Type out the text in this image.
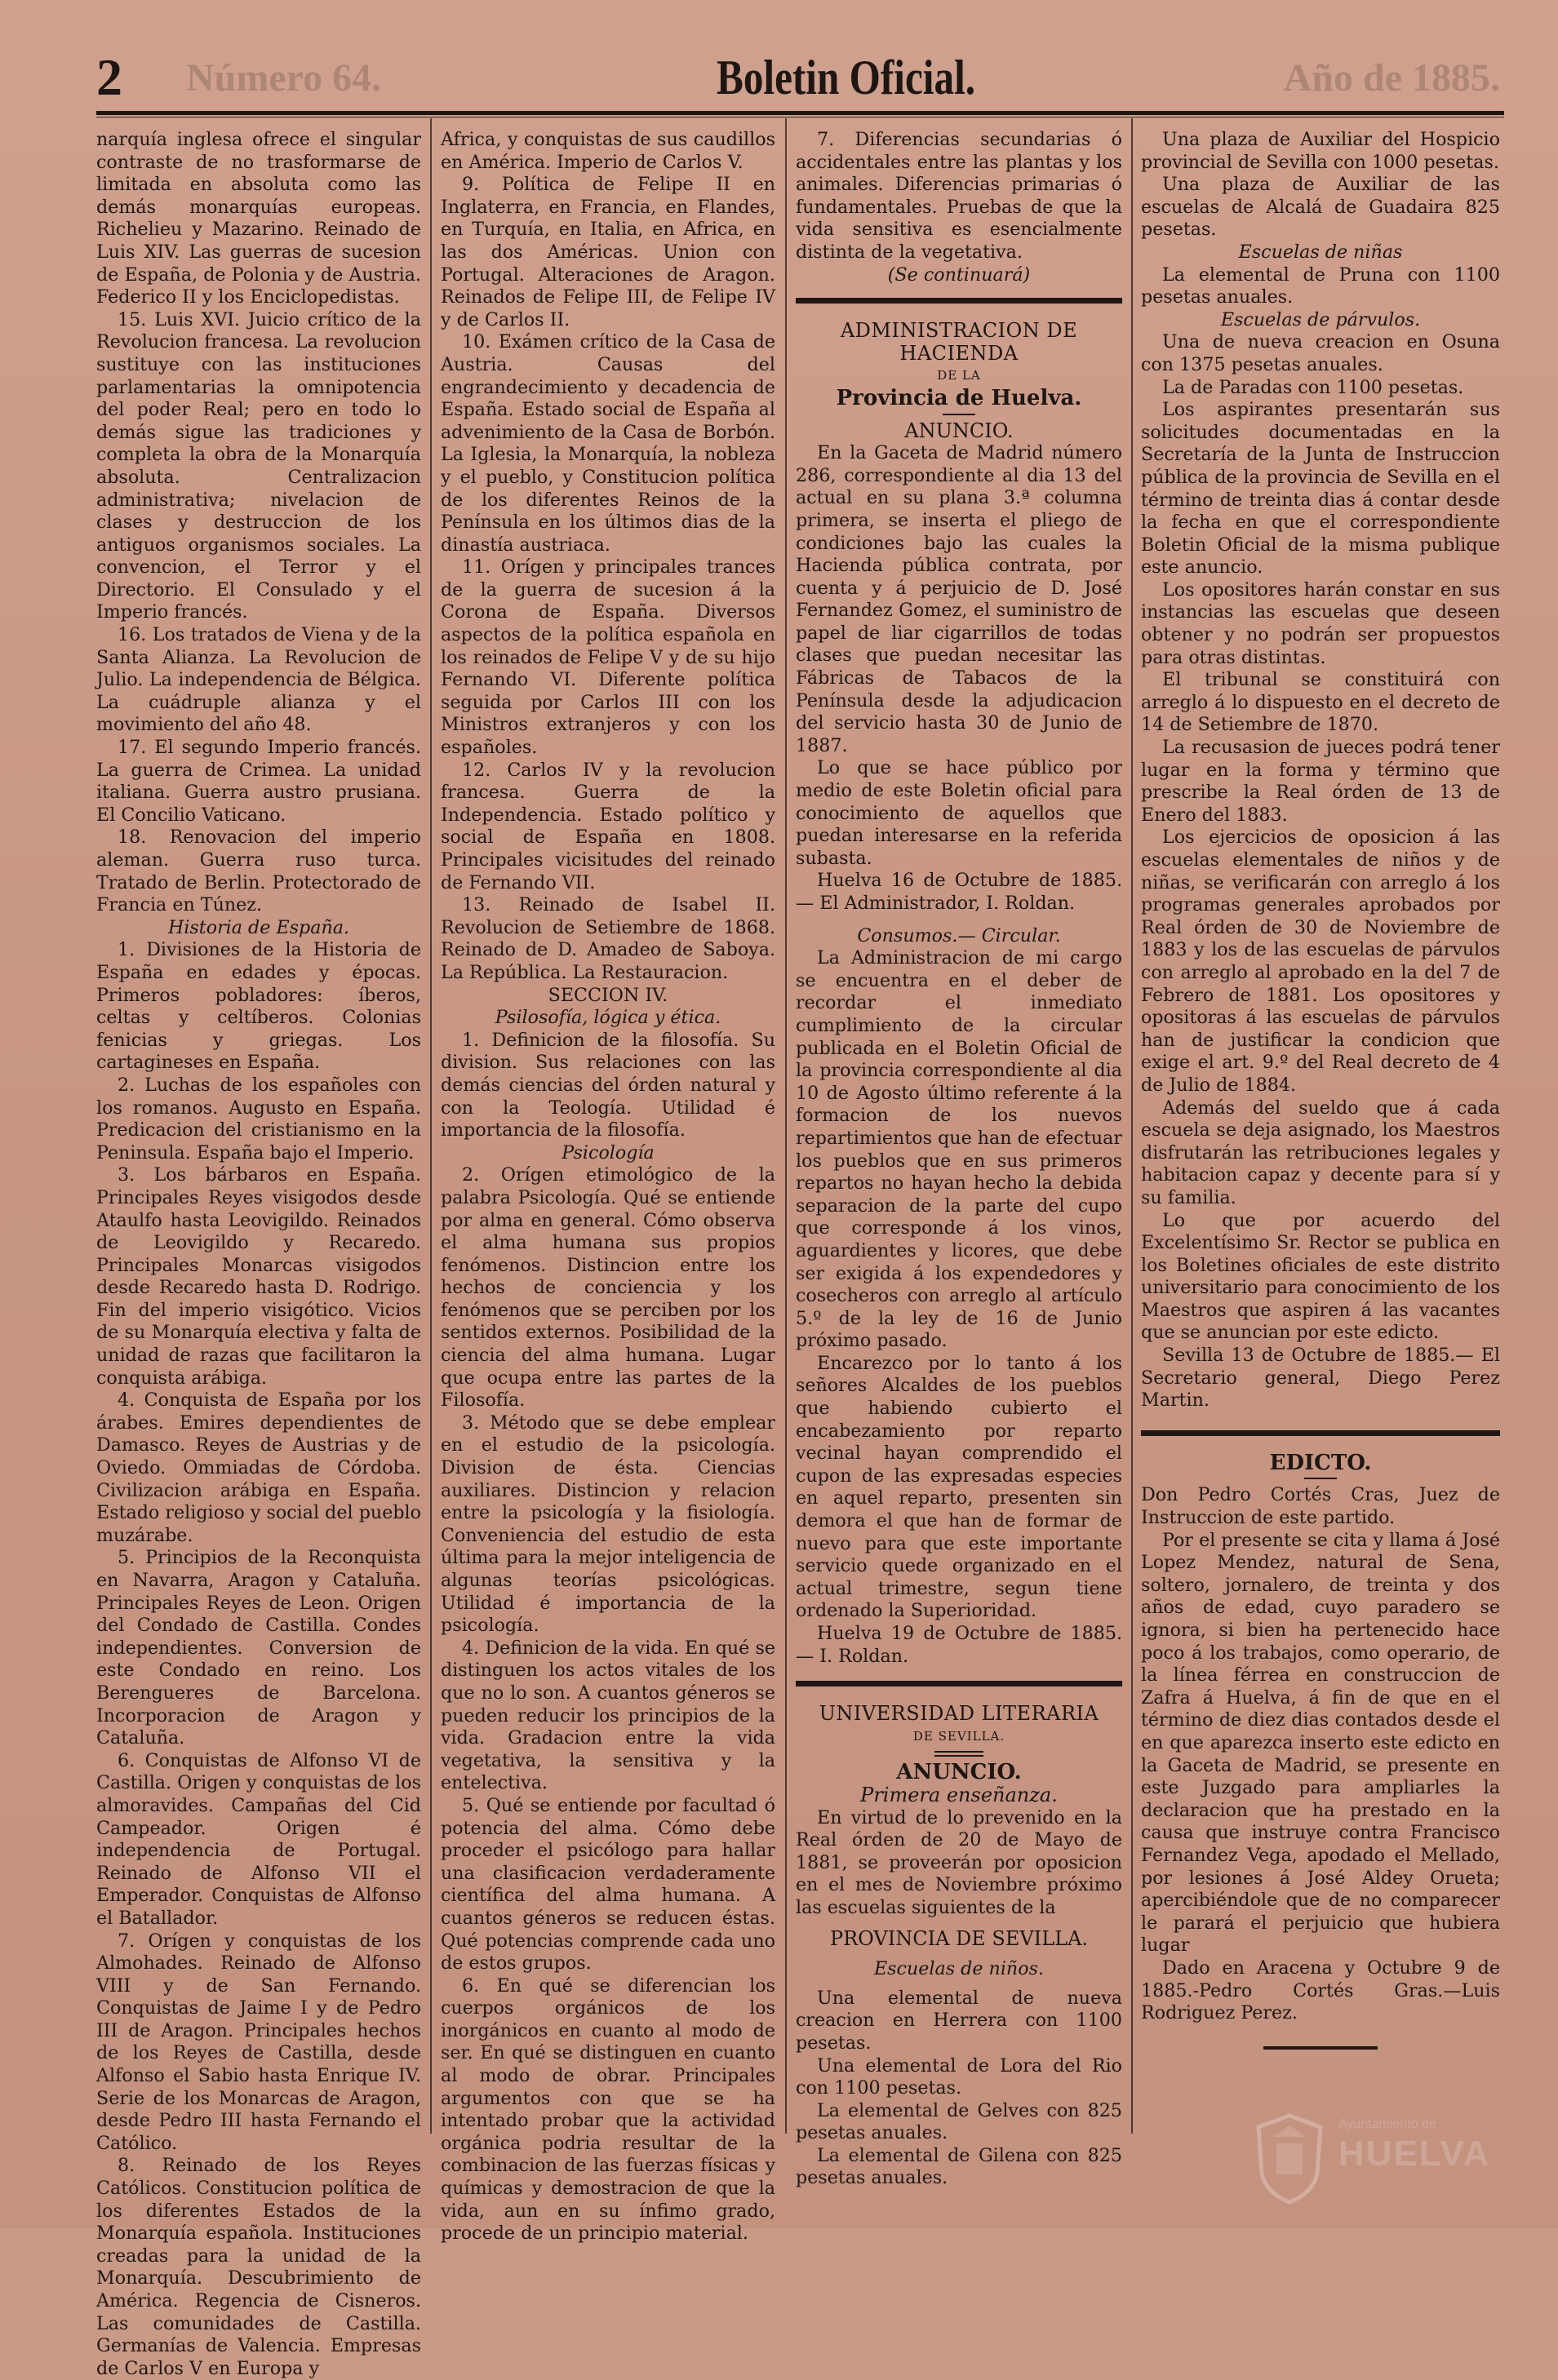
2 Número 64.	Boletin Oficial.	Año de 1885.

narquía inglesa ofrece el singular contraste de no trasformarse de limitada en absoluta como las demás monarquías europeas. Richelieu y Mazarino. Reinado de Luis XIV. Las guerras de sucesion de España, de Polonia y de Austria. Federico II y los Enciclopedistas.

15. Luis XVI. Juicio crítico de la Revolucion francesa. La revolucion sustituye con las instituciones parlamentarias la omnipotencia del poder Real; pero en todo lo demás sigue las tradiciones y completa la obra de la Monarquía absoluta. Centralizacion administrativa; nivelacion de clases y destruccion de los antiguos organismos sociales. La convencion, el Terror y el Directorio. El Consulado y el Imperio francés.

16. Los tratados de Viena y de la Santa Alianza. La Revolucion de Julio. La independencia de Bélgica. La cuádruple alianza y el movimiento del año 48.

17. El segundo Imperio francés. La guerra de Crimea. La unidad italiana. Guerra austro prusiana. El Concilio Vaticano.

18. Renovacion del imperio aleman. Guerra ruso turca. Tratado de Berlin. Protectorado de Francia en Túnez.

Historia de España.

1. Divisiones de la Historia de España en edades y épocas. Primeros pobladores: íberos, celtas y celtíberos. Colonias fenicias y griegas. Los cartagineses en España.

2. Luchas de los españoles con los romanos. Augusto en España. Predicacion del cristianismo en la Peninsula. España bajo el Imperio.

3. Los bárbaros en España. Principales Reyes visigodos desde Ataulfo hasta Leovigildo. Reinados de Leovigildo y Recaredo. Principales Monarcas visigodos desde Recaredo hasta D. Rodrigo. Fin del imperio visigótico. Vicios de su Monarquía electiva y falta de unidad de razas que facilitaron la conquista arábiga.

4. Conquista de España por los árabes. Emires dependientes de Damasco. Reyes de Austrias y de Oviedo. Ommiadas de Córdoba. Civilizacion arábiga en España. Estado religioso y social del pueblo muzárabe.

5. Principios de la Reconquista en Navarra, Aragon y Cataluña. Principales Reyes de Leon. Origen del Condado de Castilla. Condes independientes. Conversion de este Condado en reino. Los Berengueres de Barcelona. Incorporacion de Aragon y Cataluña.

6. Conquistas de Alfonso VI de Castilla. Origen y conquistas de los almoravides. Campañas del Cid Campeador. Origen é independencia de Portugal. Reinado de Alfonso VII el Emperador. Conquistas de Alfonso el Batallador.

7. Orígen y conquistas de los Almohades. Reinado de Alfonso VIII y de San Fernando. Conquistas de Jaime I y de Pedro III de Aragon. Principales hechos de los Reyes de Castilla, desde Alfonso el Sabio hasta Enrique IV. Serie de los Monarcas de Aragon, desde Pedro III hasta Fernando el Católico.

8. Reinado de los Reyes Católicos. Constitucion política de los diferentes Estados de la Monarquía española. Instituciones creadas para la unidad de la Monarquía. Descubrimiento de América. Regencia de Cisneros. Las comunidades de Castilla. Germanías de Valencia. Empresas de Carlos V en Europa y

Africa, y conquistas de sus caudillos en América. Imperio de Carlos V.

9. Política de Felipe II en Inglaterra, en Francia, en Flandes, en Turquía, en Italia, en Africa, en las dos Américas. Union con Portugal. Alteraciones de Aragon. Reinados de Felipe III, de Felipe IV y de Carlos II.

10. Exámen crítico de la Casa de Austria. Causas del engrandecimiento y decadencia de España. Estado social de España al advenimiento de la Casa de Borbón. La Iglesia, la Monarquía, la nobleza y el pueblo, y Constitucion política de los diferentes Reinos de la Península en los últimos dias de la dinastía austriaca.

11. Orígen y principales trances de la guerra de sucesion á la Corona de España. Diversos aspectos de la política española en los reinados de Felipe V y de su hijo Fernando VI. Diferente política seguida por Carlos III con los Ministros extranjeros y con los españoles.

12. Carlos IV y la revolucion francesa. Guerra de la Independencia. Estado político y social de España en 1808. Principales vicisitudes del reinado de Fernando VII.

13. Reinado de Isabel II. Revolucion de Setiembre de 1868. Reinado de D. Amadeo de Saboya. La República. La Restauracion.

SECCION IV.

Psilosofía, lógica y ética.

1. Definicion de la filosofía. Su division. Sus relaciones con las demás ciencias del órden natural y con la Teología. Utilidad é importancia de la filosofía.

Psicología

2. Orígen etimológico de la palabra Psicología. Qué se entiende por alma en general. Cómo observa el alma humana sus propios fenómenos. Distincion entre los hechos de conciencia y los fenómenos que se perciben por los sentidos externos. Posibilidad de la ciencia del alma humana. Lugar que ocupa entre las partes de la Filosofía.

3. Método que se debe emplear en el estudio de la psicología. Division de ésta. Ciencias auxiliares. Distincion y relacion entre la psicología y la fisiología. Conveniencia del estudio de esta última para la mejor inteligencia de algunas teorías psicológicas. Utilidad é importancia de la psicología.

4. Definicion de la vida. En qué se distinguen los actos vitales de los que no lo son. A cuantos géneros se pueden reducir los principios de la vida. Gradacion entre la vida vegetativa, la sensitiva y la entelectiva.

5. Qué se entiende por facultad ó potencia del alma. Cómo debe proceder el psicólogo para hallar una clasificacion verdaderamente científica del alma humana. A cuantos géneros se reducen éstas. Qué potencias comprende cada uno de estos grupos.

6. En qué se diferencian los cuerpos orgánicos de los inorgánicos en cuanto al modo de ser. En qué se distinguen en cuanto al modo de obrar. Principales argumentos con que se ha intentado probar que la actividad orgánica podria resultar de la combinacion de las fuerzas físicas y químicas y demostracion de que la vida, aun en su ínfimo grado, procede de un principio material.

7. Diferencias secundarias ó accidentales entre las plantas y los animales. Diferencias primarias ó fundamentales. Pruebas de que la vida sensitiva es esencialmente distinta de la vegetativa.

(Se continuará)

ADMINISTRACION DE HACIENDA

DE LA

Provincia de Huelva.

ANUNCIO.

En la Gaceta de Madrid número 286, correspondiente al dia 13 del actual en su plana 3.ª columna primera, se inserta el pliego de condiciones bajo las cuales la Hacienda pública contrata, por cuenta y á perjuicio de D. José Fernandez Gomez, el suministro de papel de liar cigarrillos de todas clases que puedan necesitar las Fábricas de Tabacos de la Península desde la adjudicacion del servicio hasta 30 de Junio de 1887.

Lo que se hace público por medio de este Boletin oficial para conocimiento de aquellos que puedan interesarse en la referida subasta.

Huelva 16 de Octubre de 1885.— El Administrador, I. Roldan.

Consumos.— Circular.

La Administracion de mi cargo se encuentra en el deber de recordar el inmediato cumplimiento de la circular publicada en el Boletin Oficial de la provincia correspondiente al dia 10 de Agosto último referente á la formacion de los nuevos repartimientos que han de efectuar los pueblos que en sus primeros repartos no hayan hecho la debida separacion de la parte del cupo que corresponde á los vinos, aguardientes y licores, que debe ser exigida á los expendedores y cosecheros con arreglo al artículo 5.º de la ley de 16 de Junio próximo pasado.

Encarezco por lo tanto á los señores Alcaldes de los pueblos que habiendo cubierto el encabezamiento por reparto vecinal hayan comprendido el cupon de las expresadas especies en aquel reparto, presenten sin demora el que han de formar de nuevo para que este importante servicio quede organizado en el actual trimestre, segun tiene ordenado la Superioridad.

Huelva 19 de Octubre de 1885.— I. Roldan.

UNIVERSIDAD LITERARIA

DE SEVILLA.

ANUNCIO.

Primera enseñanza.

En virtud de lo prevenido en la Real órden de 20 de Mayo de 1881, se proveerán por oposicion en el mes de Noviembre próximo las escuelas siguientes de la

PROVINCIA DE SEVILLA.

Escuelas de niños.

Una elemental de nueva creacion en Herrera con 1100 pesetas.

Una elemental de Lora del Rio con 1100 pesetas.

La elemental de Gelves con 825 pesetas anuales.

La elemental de Gilena con 825 pesetas anuales.

Una plaza de Auxiliar del Hospicio provincial de Sevilla con 1000 pesetas.

Una plaza de Auxiliar de las escuelas de Alcalá de Guadaira 825 pesetas.

Escuelas de niñas

La elemental de Pruna con 1100 pesetas anuales.

Escuelas de párvulos.

Una de nueva creacion en Osuna con 1375 pesetas anuales.

La de Paradas con 1100 pesetas.

Los aspirantes presentarán sus solicitudes documentadas en la Secretaría de la Junta de Instruccion pública de la provincia de Sevilla en el término de treinta dias á contar desde la fecha en que el correspondiente Boletin Oficial de la misma publique este anuncio.

Los opositores harán constar en sus instancias las escuelas que deseen obtener y no podrán ser propuestos para otras distintas.

El tribunal se constituirá con arreglo á lo dispuesto en el decreto de 14 de Setiembre de 1870.

La recusasion de jueces podrá tener lugar en la forma y término que prescribe la Real órden de 13 de Enero del 1883.

Los ejercicios de oposicion á las escuelas elementales de niños y de niñas, se verificarán con arreglo á los programas generales aprobados por Real órden de 30 de Noviembre de 1883 y los de las escuelas de párvulos con arreglo al aprobado en la del 7 de Febrero de 1881. Los opositores y opositoras á las escuelas de párvulos han de justificar la condicion que exige el art. 9.º del Real decreto de 4 de Julio de 1884.

Además del sueldo que á cada escuela se deja asignado, los Maestros disfrutarán las retribuciones legales y habitacion capaz y decente para sí y su familia.

Lo que por acuerdo del Excelentísimo Sr. Rector se publica en los Boletines oficiales de este distrito universitario para conocimiento de los Maestros que aspiren á las vacantes que se anuncian por este edicto.

Sevilla 13 de Octubre de 1885.— El Secretario general, Diego Perez Martin.

EDICTO.

Don Pedro Cortés Cras, Juez de Instruccion de este partido.

Por el presente se cita y llama á José Lopez Mendez, natural de Sena, soltero, jornalero, de treinta y dos años de edad, cuyo paradero se ignora, si bien ha pertenecido hace poco á los trabajos, como operario, de la línea férrea en construccion de Zafra á Huelva, á fin de que en el término de diez dias contados desde el en que aparezca inserto este edicto en la Gaceta de Madrid, se presente en este Juzgado para ampliarles la declaracion que ha prestado en la causa que instruye contra Francisco Fernandez Vega, apodado el Mellado, por lesiones á José Aldey Orueta; apercibiéndole que de no comparecer le parará el perjuicio que hubiera lugar

Dado en Aracena y Octubre 9 de 1885.-Pedro Cortés Gras.—Luis Rodriguez Perez.

Ayuntamiento de
HUELVA
